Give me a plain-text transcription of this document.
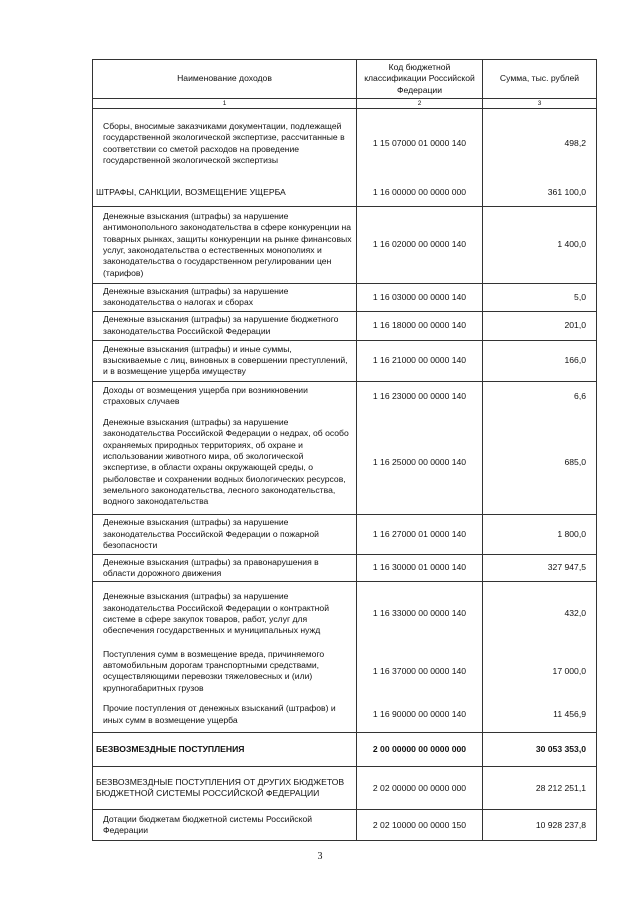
Наименование доходов	Код бюджетной классификации Российской Федерации	Сумма, тыс. рублей
1	2	3
Сборы, вносимые заказчиками документации, подлежащей государственной экологической экспертизе, рассчитанные в соответствии со сметой расходов на проведение государственной экологической экспертизы	1 15 07000 01 0000 140	498,2
ШТРАФЫ, САНКЦИИ, ВОЗМЕЩЕНИЕ УЩЕРБА	1 16 00000 00 0000 000	361 100,0
Денежные взыскания (штрафы) за нарушение антимонопольного законодательства в сфере конкуренции на товарных рынках, защиты конкуренции на рынке финансовых услуг, законодательства о естественных монополиях и законодательства о государственном регулировании цен (тарифов)	1 16 02000 00 0000 140	1 400,0
Денежные взыскания (штрафы) за нарушение законодательства о налогах и сборах	1 16 03000 00 0000 140	5,0
Денежные взыскания (штрафы) за нарушение бюджетного законодательства Российской Федерации	1 16 18000 00 0000 140	201,0
Денежные взыскания (штрафы) и иные суммы, взыскиваемые с лиц, виновных в совершении преступлений, и в возмещение ущерба имуществу	1 16 21000 00 0000 140	166,0
Доходы от возмещения ущерба при возникновении страховых случаев	1 16 23000 00 0000 140	6,6
Денежные взыскания (штрафы) за нарушение законодательства Российской Федерации о недрах, об особо охраняемых природных территориях, об охране и использовании животного мира, об экологической экспертизе, в области охраны окружающей среды, о рыболовстве и сохранении водных биологических ресурсов, земельного законодательства, лесного законодательства, водного законодательства	1 16 25000 00 0000 140	685,0
Денежные взыскания (штрафы) за нарушение законодательства Российской Федерации о пожарной безопасности	1 16 27000 01 0000 140	1 800,0
Денежные взыскания (штрафы) за правонарушения в области дорожного движения	1 16 30000 01 0000 140	327 947,5
Денежные взыскания (штрафы) за нарушение законодательства Российской Федерации о контрактной системе в сфере закупок товаров, работ, услуг для обеспечения государственных и муниципальных нужд	1 16 33000 00 0000 140	432,0
Поступления сумм в возмещение вреда, причиняемого автомобильным дорогам транспортными средствами, осуществляющими перевозки тяжеловесных и (или) крупногабаритных грузов	1 16 37000 00 0000 140	17 000,0
Прочие поступления от денежных взысканий (штрафов) и иных сумм в возмещение ущерба	1 16 90000 00 0000 140	11 456,9
БЕЗВОЗМЕЗДНЫЕ ПОСТУПЛЕНИЯ	2 00 00000 00 0000 000	30 053 353,0
БЕЗВОЗМЕЗДНЫЕ ПОСТУПЛЕНИЯ ОТ ДРУГИХ БЮДЖЕТОВ БЮДЖЕТНОЙ СИСТЕМЫ РОССИЙСКОЙ ФЕДЕРАЦИИ	2 02 00000 00 0000 000	28 212 251,1
Дотации бюджетам бюджетной системы Российской Федерации	2 02 10000 00 0000 150	10 928 237,8
3
